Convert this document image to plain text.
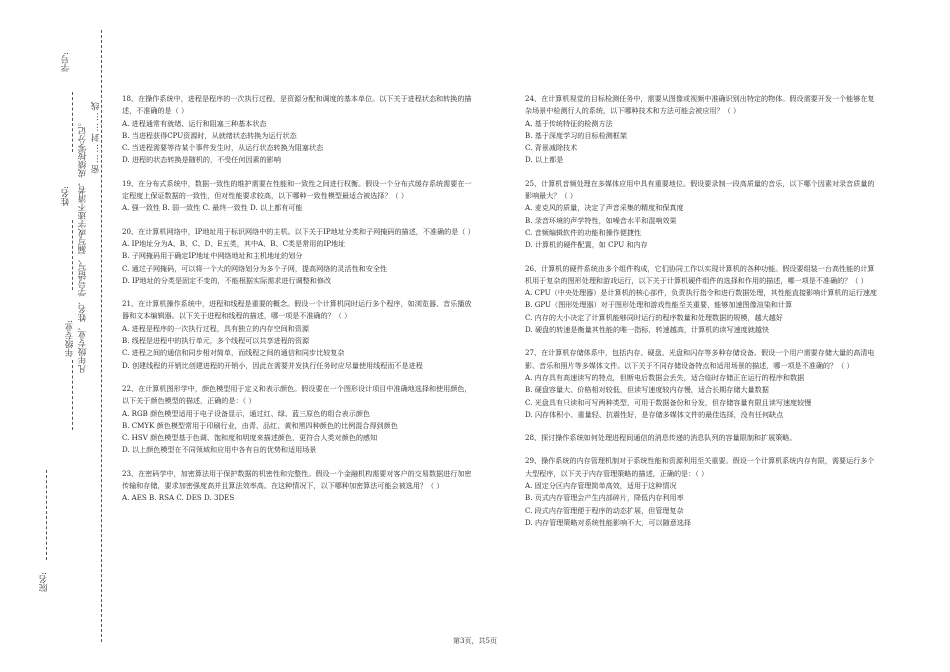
学号:
姓名:
年级专业:
院名:
凡年级专业、姓名、学号错写、漏写或字迹不清者，成绩按零分记。 密……封……线

18、在操作系统中，进程是程序的一次执行过程，是资源分配和调度的基本单位。以下关于进程状态和转换的描述，不准确的是（ ）

A. 进程通常有就绪、运行和阻塞三种基本状态

B. 当进程获得CPU资源时，从就绪状态转换为运行状态

C. 当进程需要等待某个事件发生时，从运行状态转换为阻塞状态

D. 进程的状态转换是随机的，不受任何因素的影响

19、在分布式系统中，数据一致性的维护需要在性能和一致性之间进行权衡。假设一个分布式缓存系统需要在一定程度上保证数据的一致性，但对性能要求较高，以下哪种一致性模型最适合被选择？（ ）

A. 强一致性 B. 弱一致性 C. 最终一致性 D. 以上都有可能

20、在计算机网络中，IP地址用于标识网络中的主机。以下关于IP地址分类和子网掩码的描述，不准确的是（ ）

A. IP地址分为A、B、C、D、E五类，其中A、B、C类是常用的IP地址

B. 子网掩码用于确定IP地址中网络地址和主机地址的划分

C. 通过子网掩码，可以将一个大的网络划分为多个子网，提高网络的灵活性和安全性

D. IP地址的分类是固定不变的，不能根据实际需求进行调整和修改

21、在计算机操作系统中，进程和线程是重要的概念。假设一个计算机同时运行多个程序，如浏览器、音乐播放器和文本编辑器。以下关于进程和线程的描述，哪一项是不准确的？（ ）

A. 进程是程序的一次执行过程，具有独立的内存空间和资源

B. 线程是进程中的执行单元，多个线程可以共享进程的资源

C. 进程之间的通信和同步相对简单，而线程之间的通信和同步比较复杂

D. 创建线程的开销比创建进程的开销小，因此在需要并发执行任务时应尽量使用线程而不是进程

22、在计算机图形学中，颜色模型用于定义和表示颜色。假设要在一个图形设计项目中准确地选择和使用颜色，以下关于颜色模型的描述，正确的是：（ ）

A. RGB 颜色模型适用于电子设备显示，通过红、绿、蓝三原色的组合表示颜色

B. CMYK 颜色模型常用于印刷行业，由青、品红、黄和黑四种颜色的比例混合得到颜色

C. HSV 颜色模型基于色调、饱和度和明度来描述颜色，更符合人类对颜色的感知

D. 以上颜色模型在不同领域和应用中各有自的优势和适用场景

23、在密码学中，加密算法用于保护数据的机密性和完整性。假设一个金融机构需要对客户的交易数据进行加密传输和存储，要求加密强度高并且算法效率高。在这种情况下，以下哪种加密算法可能会被选用？（ ）

A. AES B. RSA C. DES D. 3DES

24、在计算机视觉的目标检测任务中，需要从图像或视频中准确识别出特定的物体。假设需要开发一个能够在复杂场景中检测行人的系统，以下哪种技术和方法可能会被应用？（ ）

A. 基于传统特征的检测方法

B. 基于深度学习的目标检测框架

C. 背景减除技术

D. 以上都是

25、计算机音频处理在多媒体应用中具有重要地位。假设要录制一段高质量的音乐，以下哪个因素对录音质量的影响最大？（ ）

A. 麦克风的质量，决定了声音采集的精度和保真度

B. 录音环境的声学特性，如噪音水平和混响效果

C. 音频编辑软件的功能和操作便捷性

D. 计算机的硬件配置，如 CPU 和内存

26、计算机的硬件系统由多个组件构成，它们协同工作以实现计算机的各种功能。假设要组装一台高性能的计算机用于复杂的图形处理和游戏运行，以下关于计算机硬件组件的选择和作用的描述，哪一项是不准确的？（ ）

A. CPU（中央处理器）是计算机的核心部件，负责执行指令和进行数据处理，其性能直接影响计算机的运行速度

B. GPU（图形处理器）对于图形处理和游戏性能至关重要，能够加速图像渲染和计算

C. 内存的大小决定了计算机能够同时运行的程序数量和处理数据的规模，越大越好

D. 硬盘的转速是衡量其性能的唯一指标，转速越高，计算机的读写速度就越快

27、在计算机存储体系中，包括内存、硬盘、光盘和闪存等多种存储设备。假设一个用户需要存储大量的高清电影、音乐和照片等多媒体文件。以下关于不同存储设备特点和适用场景的描述，哪一项是不准确的？（ ）

A. 内存具有高速读写的特点，但断电后数据会丢失，适合临时存储正在运行的程序和数据

B. 硬盘容量大、价格相对较低，但读写速度较内存慢，适合长期存储大量数据

C. 光盘具有只读和可写两种类型，可用于数据备份和分发，但存储容量有限且读写速度较慢

D. 闪存体积小、重量轻、抗震性好，是存储多媒体文件的最佳选择，没有任何缺点

28、探讨操作系统如何处理进程间通信的消息传递的消息队列的容量限制和扩展策略。

29、操作系统的内存管理机制对于系统性能和资源利用至关重要。假设一个计算机系统内存有限，需要运行多个大型程序，以下关于内存管理策略的描述，正确的是：（ ）

A. 固定分区内存管理简单高效，适用于这种情况

B. 页式内存管理会产生内部碎片，降低内存利用率

C. 段式内存管理便于程序的动态扩展，但管理复杂

D. 内存管理策略对系统性能影响不大，可以随意选择

第3页，共5页
